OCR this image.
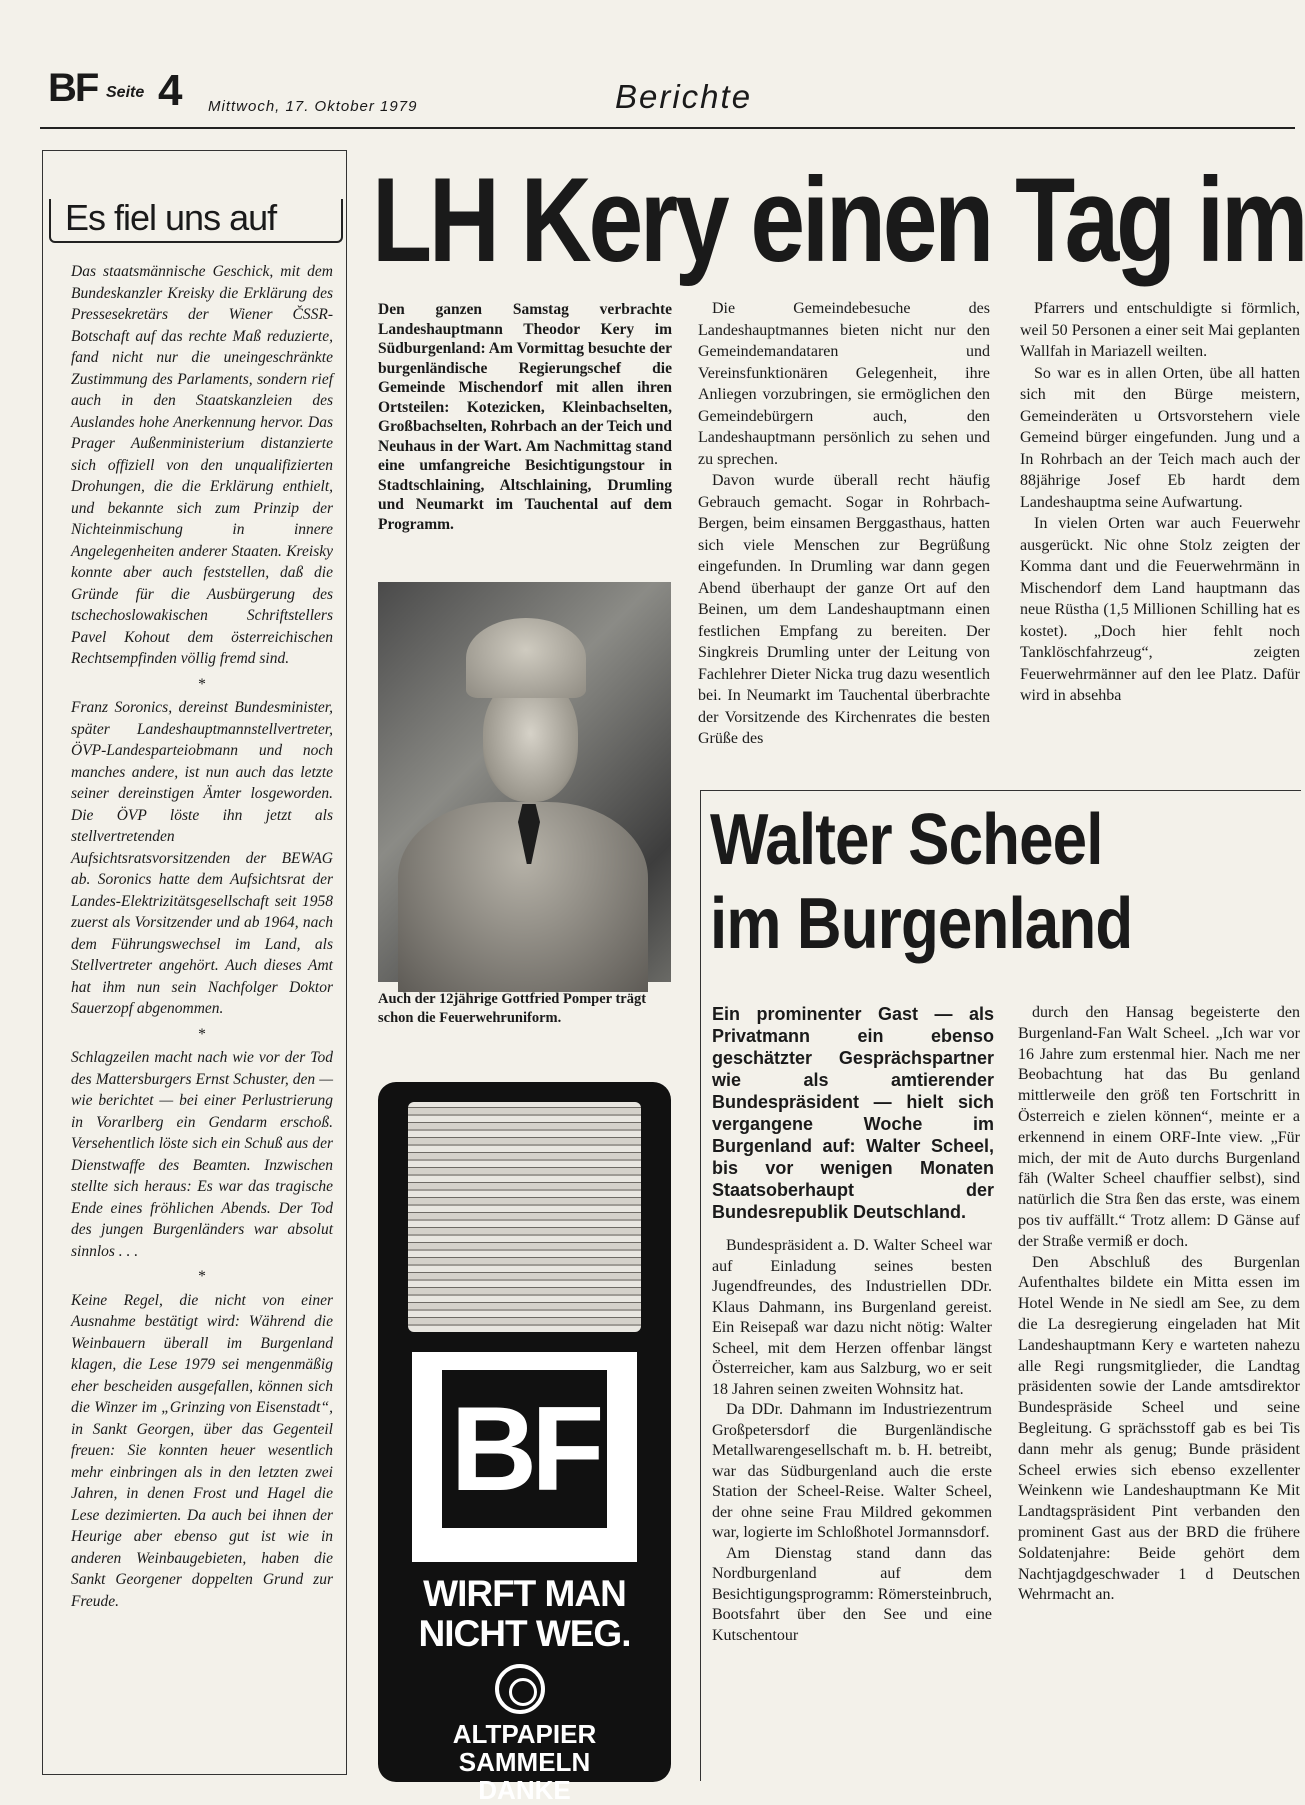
BF Seite 4 Mittwoch, 17. Oktober 1979	Berichte
Es fiel uns auf

Das staatsmännische Geschick, mit dem Bundeskanzler Kreisky die Erklärung des Pressesekretärs der Wiener ČSSR-Botschaft auf das rechte Maß reduzierte, fand nicht nur die uneingeschränkte Zustimmung des Parlaments, sondern rief auch in den Staatskanzleien des Auslandes hohe Anerkennung hervor. Das Prager Außenministerium distanzierte sich offiziell von den unqualifizierten Drohungen, die die Erklärung enthielt, und bekannte sich zum Prinzip der Nichteinmischung in innere Angelegenheiten anderer Staaten. Kreisky konnte aber auch feststellen, daß die Gründe für die Ausbürgerung des tschechoslowakischen Schriftstellers Pavel Kohout dem österreichischen Rechtsempfinden völlig fremd sind.

*

Franz Soronics, dereinst Bundesminister, später Landeshauptmannstellvertreter, ÖVP-Landesparteiobmann und noch manches andere, ist nun auch das letzte seiner dereinstigen Ämter losgeworden. Die ÖVP löste ihn jetzt als stellvertretenden Aufsichtsratsvorsitzenden der BEWAG ab. Soronics hatte dem Aufsichtsrat der Landes-Elektrizitätsgesellschaft seit 1958 zuerst als Vorsitzender und ab 1964, nach dem Führungswechsel im Land, als Stellvertreter angehört. Auch dieses Amt hat ihm nun sein Nachfolger Doktor Sauerzopf abgenommen.

*

Schlagzeilen macht nach wie vor der Tod des Mattersburgers Ernst Schuster, den — wie berichtet — bei einer Perlustrierung in Vorarlberg ein Gendarm erschoß. Versehentlich löste sich ein Schuß aus der Dienstwaffe des Beamten. Inzwischen stellte sich heraus: Es war das tragische Ende eines fröhlichen Abends. Der Tod des jungen Burgenländers war absolut sinnlos . . .

*

Keine Regel, die nicht von einer Ausnahme bestätigt wird: Während die Weinbauern überall im Burgenland klagen, die Lese 1979 sei mengenmäßig eher bescheiden ausgefallen, können sich die Winzer im „Grinzing von Eisenstadt“, in Sankt Georgen, über das Gegenteil freuen: Sie konnten heuer wesentlich mehr einbringen als in den letzten zwei Jahren, in denen Frost und Hagel die Lese dezimierten. Da auch bei ihnen der Heurige aber ebenso gut ist wie in anderen Weinbaugebieten, haben die Sankt Georgener doppelten Grund zur Freude.

LH Kery einen Tag im
Den ganzen Samstag verbrachte Landeshauptmann Theodor Kery im Südburgenland: Am Vormittag besuchte der burgenländische Regierungschef die Gemeinde Mischendorf mit allen ihren Ortsteilen: Kotezicken, Kleinbachselten, Großbachselten, Rohrbach an der Teich und Neuhaus in der Wart. Am Nachmittag stand eine umfangreiche Besichtigungstour in Stadtschlaining, Altschlaining, Drumling und Neumarkt im Tauchental auf dem Programm.

Die Gemeindebesuche des Landeshauptmannes bieten nicht nur den Gemeindemandataren und Vereinsfunktionären Gelegenheit, ihre Anliegen vorzubringen, sie ermöglichen den Gemeindebürgern auch, den Landeshauptmann persönlich zu sehen und zu sprechen.

Davon wurde überall recht häufig Gebrauch gemacht. Sogar in Rohrbach-Bergen, beim einsamen Berggasthaus, hatten sich viele Menschen zur Begrüßung eingefunden. In Drumling war dann gegen Abend überhaupt der ganze Ort auf den Beinen, um dem Landeshauptmann einen festlichen Empfang zu bereiten. Der Singkreis Drumling unter der Leitung von Fachlehrer Dieter Nicka trug dazu wesentlich bei. In Neumarkt im Tauchental überbrachte der Vorsitzende des Kirchenrates die besten Grüße des

Pfarrers und entschuldigte si förmlich, weil 50 Personen a einer seit Mai geplanten Wallfah in Mariazell weilten.

So war es in allen Orten, übe all hatten sich mit den Bürge meistern, Gemeinderäten u Ortsvorstehern viele Gemeind bürger eingefunden. Jung und a In Rohrbach an der Teich mach auch der 88jährige Josef Eb hardt dem Landeshauptma seine Aufwartung.

In vielen Orten war auch Feuerwehr ausgerückt. Nic ohne Stolz zeigten der Komma dant und die Feuerwehrmänn in Mischendorf dem Land hauptmann das neue Rüstha (1,5 Millionen Schilling hat es kostet). „Doch hier fehlt noch Tanklöschfahrzeug“, zeigten Feuerwehrmänner auf den lee Platz. Dafür wird in absehba

Auch der 12jährige Gottfried Pomper trägt schon die Feuerwehruniform.
BF
WIRFT MAN
NICHT WEG.
ALTPAPIER
SAMMELN
DANKE
Walter Scheel
im Burgenland
Ein prominenter Gast — als Privatmann ein ebenso geschätzter Gesprächspartner wie als amtierender Bundespräsident — hielt sich vergangene Woche im Burgenland auf: Walter Scheel, bis vor wenigen Monaten Staatsoberhaupt der Bundesrepublik Deutschland.

Bundespräsident a. D. Walter Scheel war auf Einladung seines besten Jugendfreundes, des Industriellen DDr. Klaus Dahmann, ins Burgenland gereist. Ein Reisepaß war dazu nicht nötig: Walter Scheel, mit dem Herzen offenbar längst Österreicher, kam aus Salzburg, wo er seit 18 Jahren seinen zweiten Wohnsitz hat.

Da DDr. Dahmann im Industriezentrum Großpetersdorf die Burgenländische Metallwarengesellschaft m. b. H. betreibt, war das Südburgenland auch die erste Station der Scheel-Reise. Walter Scheel, der ohne seine Frau Mildred gekommen war, logierte im Schloßhotel Jormannsdorf.

Am Dienstag stand dann das Nordburgenland auf dem Besichtigungsprogramm: Römersteinbruch, Bootsfahrt über den See und eine Kutschentour

durch den Hansag begeisterte den Burgenland-Fan Walt Scheel. „Ich war vor 16 Jahre zum erstenmal hier. Nach me ner Beobachtung hat das Bu genland mittlerweile den größ ten Fortschritt in Österreich e zielen können“, meinte er a erkennend in einem ORF-Inte view. „Für mich, der mit de Auto durchs Burgenland fäh (Walter Scheel chauffier selbst), sind natürlich die Stra ßen das erste, was einem pos tiv auffällt.“ Trotz allem: D Gänse auf der Straße vermiß er doch.

Den Abschluß des Burgenlan Aufenthaltes bildete ein Mitta essen im Hotel Wende in Ne siedl am See, zu dem die La desregierung eingeladen hat Mit Landeshauptmann Kery e warteten nahezu alle Regi rungsmitglieder, die Landtag präsidenten sowie der Lande amtsdirektor Bundespräside Scheel und seine Begleitung. G sprächsstoff gab es bei Tis dann mehr als genug; Bunde präsident Scheel erwies sich ebenso exzellenter Weinkenn wie Landeshauptmann Ke Mit Landtagspräsident Pint verbanden den prominent Gast aus der BRD die frühere Soldatenjahre: Beide gehört dem Nachtjagdgeschwader 1 d Deutschen Wehrmacht an.
